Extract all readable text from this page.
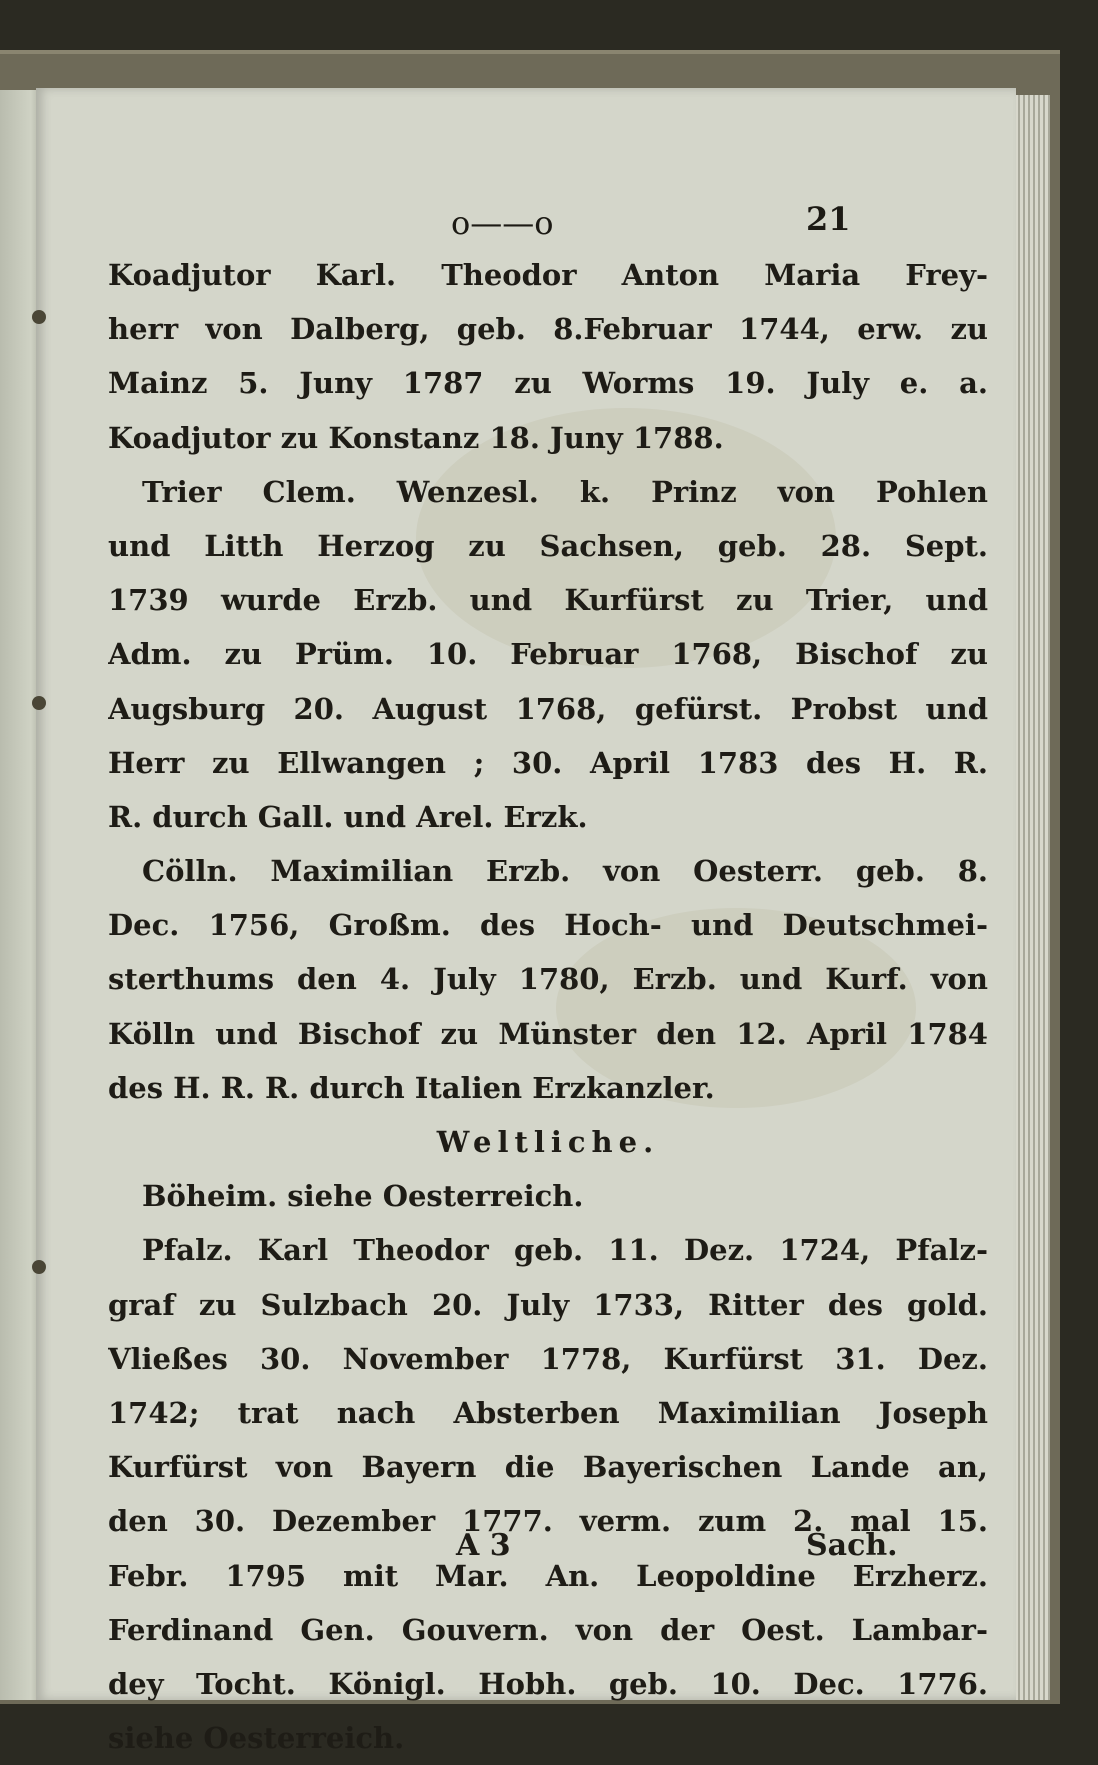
o——o	21
Koadjutor Karl. Theodor Anton Maria Frey-
herr von Dalberg, geb. 8.Februar 1744, erw. zu
Mainz 5. Juny 1787 zu Worms 19. July e. a.
Koadjutor zu Konstanz 18. Juny 1788.
Trier Clem. Wenzesl. k. Prinz von Pohlen
und Litth Herzog zu Sachsen, geb. 28. Sept.
1739 wurde Erzb. und Kurfürst zu Trier, und
Adm. zu Prüm. 10. Februar 1768, Bischof zu
Augsburg 20. August 1768, gefürst. Probst und
Herr zu Ellwangen ; 30. April 1783 des H. R.
R. durch Gall. und Arel. Erzk.
Cölln. Maximilian Erzb. von Oesterr. geb. 8.
Dec. 1756, Großm. des Hoch- und Deutschmei-
sterthums den 4. July 1780, Erzb. und Kurf. von
Kölln und Bischof zu Münster den 12. April 1784
des H. R. R. durch Italien Erzkanzler.
Weltliche.
Böheim. siehe Oesterreich.
Pfalz. Karl Theodor geb. 11. Dez. 1724, Pfalz-
graf zu Sulzbach 20. July 1733, Ritter des gold.
Vließes 30. November 1778, Kurfürst 31. Dez.
1742; trat nach Absterben Maximilian Joseph
Kurfürst von Bayern die Bayerischen Lande an,
den 30. Dezember 1777. verm. zum 2. mal 15.
Febr. 1795 mit Mar. An. Leopoldine Erzherz.
Ferdinand Gen. Gouvern. von der Oest. Lambar-
dey Tocht. Königl. Hobh. geb. 10. Dec. 1776.
siehe Oesterreich.
A 3	Sach.
